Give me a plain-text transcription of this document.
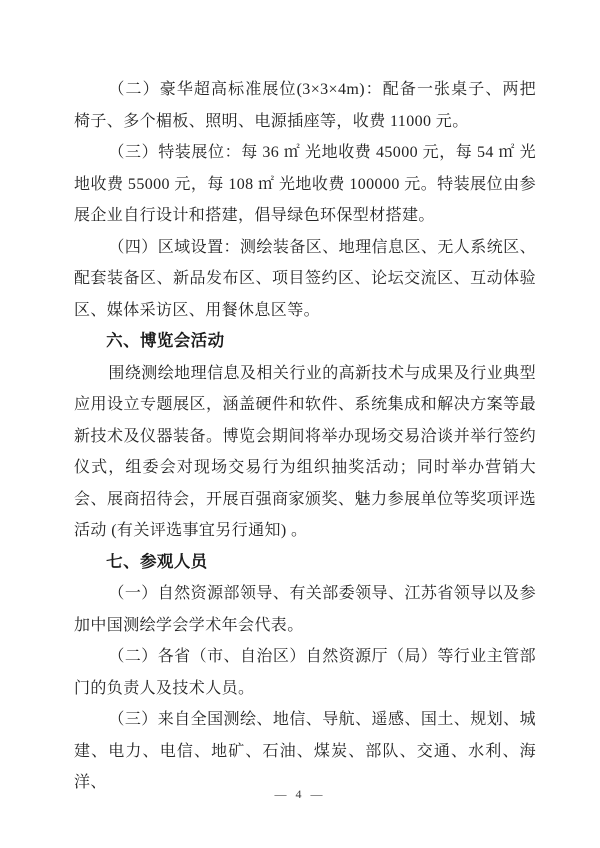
（二）豪华超高标准展位(3×3×4m)：配备一张桌子、两把椅子、多个楣板、照明、电源插座等，收费 11000 元。

（三）特装展位：每 36 ㎡ 光地收费 45000 元，每 54 ㎡ 光地收费 55000 元，每 108 ㎡ 光地收费 100000 元。特装展位由参展企业自行设计和搭建，倡导绿色环保型材搭建。

（四）区域设置：测绘装备区、地理信息区、无人系统区、配套装备区、新品发布区、项目签约区、论坛交流区、互动体验区、媒体采访区、用餐休息区等。

六、博览会活动

围绕测绘地理信息及相关行业的高新技术与成果及行业典型应用设立专题展区，涵盖硬件和软件、系统集成和解决方案等最新技术及仪器装备。博览会期间将举办现场交易洽谈并举行签约仪式，组委会对现场交易行为组织抽奖活动；同时举办营销大会、展商招待会，开展百强商家颁奖、魅力参展单位等奖项评选活动 (有关评选事宜另行通知) 。

七、参观人员

（一）自然资源部领导、有关部委领导、江苏省领导以及参加中国测绘学会学术年会代表。

（二）各省（市、自治区）自然资源厅（局）等行业主管部门的负责人及技术人员。

（三）来自全国测绘、地信、导航、遥感、国土、规划、城建、电力、电信、地矿、石油、煤炭、部队、交通、水利、海洋、

— 4 —
